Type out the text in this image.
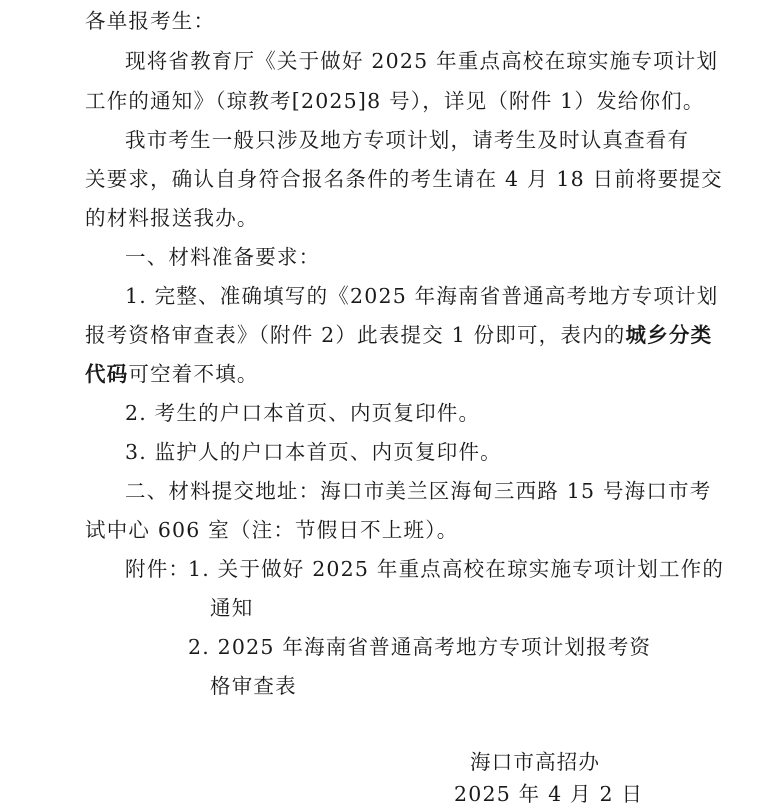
各单报考生：
现将省教育厅《关于做好 2025 年重点高校在琼实施专项计划
工作的通知》（琼教考[2025]8 号），详见（附件 1）发给你们。
我市考生一般只涉及地方专项计划，请考生及时认真查看有
关要求，确认自身符合报名条件的考生请在 4 月 18 日前将要提交
的材料报送我办。
一、材料准备要求：
1. 完整、准确填写的《2025 年海南省普通高考地方专项计划
报考资格审查表》（附件 2）此表提交 1 份即可，表内的城乡分类
代码可空着不填。
2. 考生的户口本首页、内页复印件。
3. 监护人的户口本首页、内页复印件。
二、材料提交地址：海口市美兰区海甸三西路 15 号海口市考
试中心 606 室（注：节假日不上班）。
附件：
1. 关于做好 2025 年重点高校在琼实施专项计划工作的
通知
2. 2025 年海南省普通高考地方专项计划报考资
格审查表
海口市高招办
2025 年 4 月 2 日
